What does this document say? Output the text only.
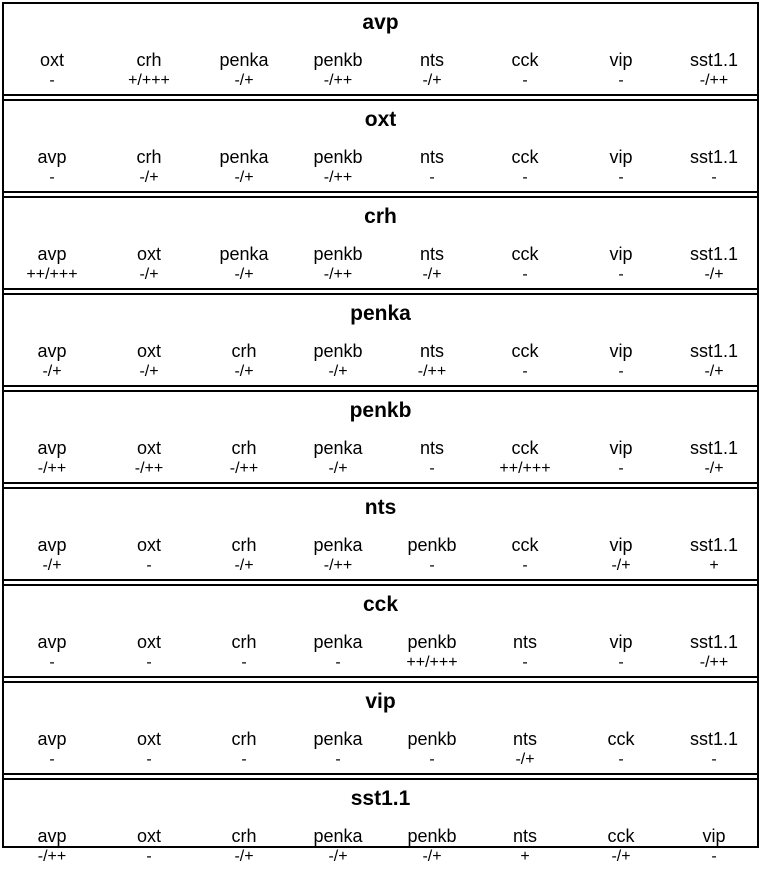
avp
oxt
-
crh
+/+++
penka
-/+
penkb
-/++
nts
-/+
cck
-
vip
-
sst1.1
-/++
oxt
avp
-
crh
-/+
penka
-/+
penkb
-/++
nts
-
cck
-
vip
-
sst1.1
-
crh
avp
++/+++
oxt
-/+
penka
-/+
penkb
-/++
nts
-/+
cck
-
vip
-
sst1.1
-/+
penka
avp
-/+
oxt
-/+
crh
-/+
penkb
-/+
nts
-/++
cck
-
vip
-
sst1.1
-/+
penkb
avp
-/++
oxt
-/++
crh
-/++
penka
-/+
nts
-
cck
++/+++
vip
-
sst1.1
-/+
nts
avp
-/+
oxt
-
crh
-/+
penka
-/++
penkb
-
cck
-
vip
-/+
sst1.1
+
cck
avp
-
oxt
-
crh
-
penka
-
penkb
++/+++
nts
-
vip
-
sst1.1
-/++
vip
avp
-
oxt
-
crh
-
penka
-
penkb
-
nts
-/+
cck
-
sst1.1
-
sst1.1
avp
-/++
oxt
-
crh
-/+
penka
-/+
penkb
-/+
nts
+
cck
-/+
vip
-
